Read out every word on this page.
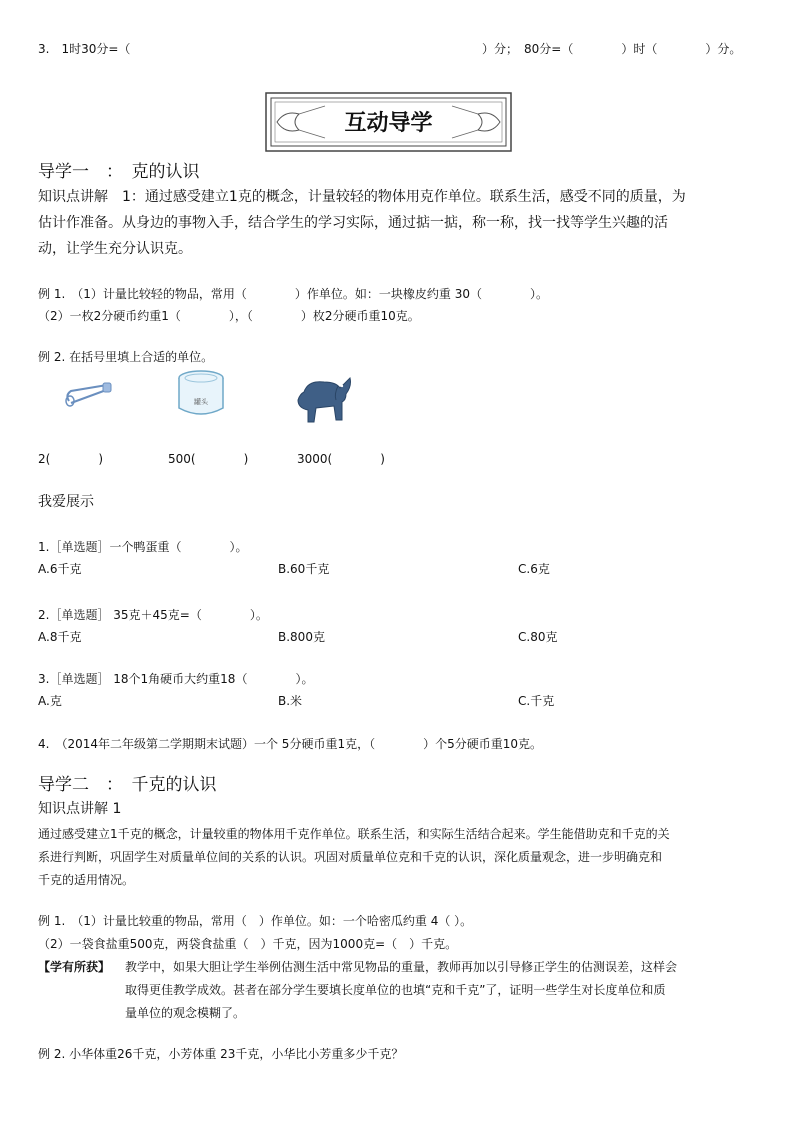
3.　1时30分=（	）分；　80分=（　　　　）时（　　　　）分。
互动导学
导学一　：　克的认识
知识点讲解　1：通过感受建立1克的概念，计量较轻的物体用克作单位。联系生活，感受不同的质量，为
估计作准备。从身边的事物入手，结合学生的学习实际，通过掂一掂，称一称，找一找等学生兴趣的活
动，让学生充分认识克。
例 1.　（1）计量比较轻的物品，常用（　　　　）作单位。如：一块橡皮约重 30（　　　　）。
（2）一枚2分硬币约重1（　　　　），（　　　　）枚2分硬币重10克。
例 2. 在括号里填上合适的单位。
罐头
2(　　　　)	500(　　　　)	3000(　　　　)
我爱展示
1.［单选题］一个鸭蛋重（　　　　）。
A.6千克	B.60千克	C.6克
2.［单选题］ 35克＋45克=（　　　　）。
A.8千克	B.800克	C.80克
3.［单选题］ 18个1角硬币大约重18（　　　　）。
A.克	B.米	C.千克
4.　（2014年二年级第二学期期末试题）一个 5分硬币重1克，（　　　　）个5分硬币重10克。
导学二　：　千克的认识
知识点讲解 1
通过感受建立1千克的概念，计量较重的物体用千克作单位。联系生活，和实际生活结合起来。学生能借助克和千克的关
系进行判断，巩固学生对质量单位间的关系的认识。巩固对质量单位克和千克的认识，深化质量观念，进一步明确克和
千克的适用情况。
例 1.　（1）计量比较重的物品，常用（　）作单位。如：一个哈密瓜约重 4（ ）。
（2）一袋食盐重500克，两袋食盐重（　）千克，因为1000克=（　）千克。
【学有所获】 教学中，如果大胆让学生举例估测生活中常见物品的重量，教师再加以引导修正学生的估测误差，这样会
取得更佳教学成效。甚者在部分学生要填长度单位的也填“克和千克”了，证明一些学生对长度单位和质
量单位的观念模糊了。
例 2. 小华体重26千克，小芳体重 23千克，小华比小芳重多少千克？
